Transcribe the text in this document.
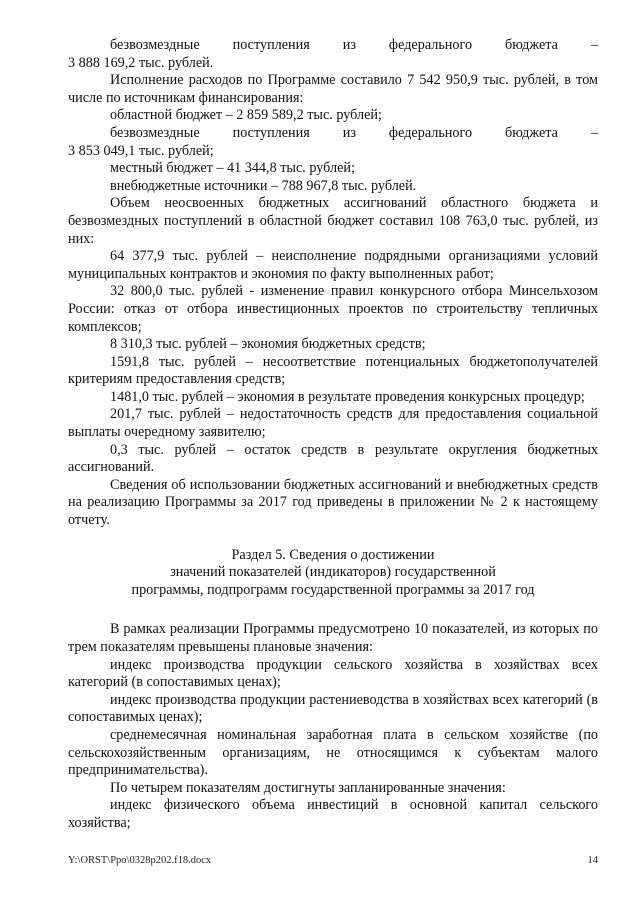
безвозмездные поступления из федерального бюджета –

3 888 169,2 тыс. рублей.

Исполнение расходов по Программе составило 7 542 950,9 тыс. рублей, в том числе по источникам финансирования:

областной бюджет – 2 859 589,2 тыс. рублей;

безвозмездные поступления из федерального бюджета –

3 853 049,1 тыс. рублей;

местный бюджет – 41 344,8 тыс. рублей;

внебюджетные источники – 788 967,8 тыс. рублей.

Объем неосвоенных бюджетных ассигнований областного бюджета и безвозмездных поступлений в областной бюджет составил 108 763,0 тыс. рублей, из них:

64 377,9 тыс. рублей – неисполнение подрядными организациями условий муниципальных контрактов и экономия по факту выполненных работ;

32 800,0 тыс. рублей - изменение правил конкурсного отбора Минсельхозом России: отказ от отбора инвестиционных проектов по строительству тепличных комплексов;

8 310,3 тыс. рублей – экономия бюджетных средств;

1591,8 тыс. рублей – несоответствие потенциальных бюджетополучателей критериям предоставления средств;

1481,0 тыс. рублей – экономия в результате проведения конкурсных процедур;

201,7 тыс. рублей – недостаточность средств для предоставления социальной выплаты очередному заявителю;

0,3 тыс. рублей – остаток средств в результате округления бюджетных ассигнований.

Сведения об использовании бюджетных ассигнований и внебюджетных средств на реализацию Программы за 2017 год приведены в приложении № 2 к настоящему отчету.

Раздел 5. Сведения о достижении

значений показателей (индикаторов) государственной

программы, подпрограмм государственной программы за 2017 год

В рамках реализации Программы предусмотрено 10 показателей, из которых по трем показателям превышены плановые значения:

индекс производства продукции сельского хозяйства в хозяйствах всех категорий (в сопоставимых ценах);

индекс производства продукции растениеводства в хозяйствах всех категорий (в сопоставимых ценах);

среднемесячная номинальная заработная плата в сельском хозяйстве (по сельскохозяйственным организациям, не относящимся к субъектам малого предпринимательства).

По четырем показателям достигнуты запланированные значения:

индекс физического объема инвестиций в основной капитал сельского хозяйства;

Y:\ORST\Ppo\0328p202.f18.docx	14
